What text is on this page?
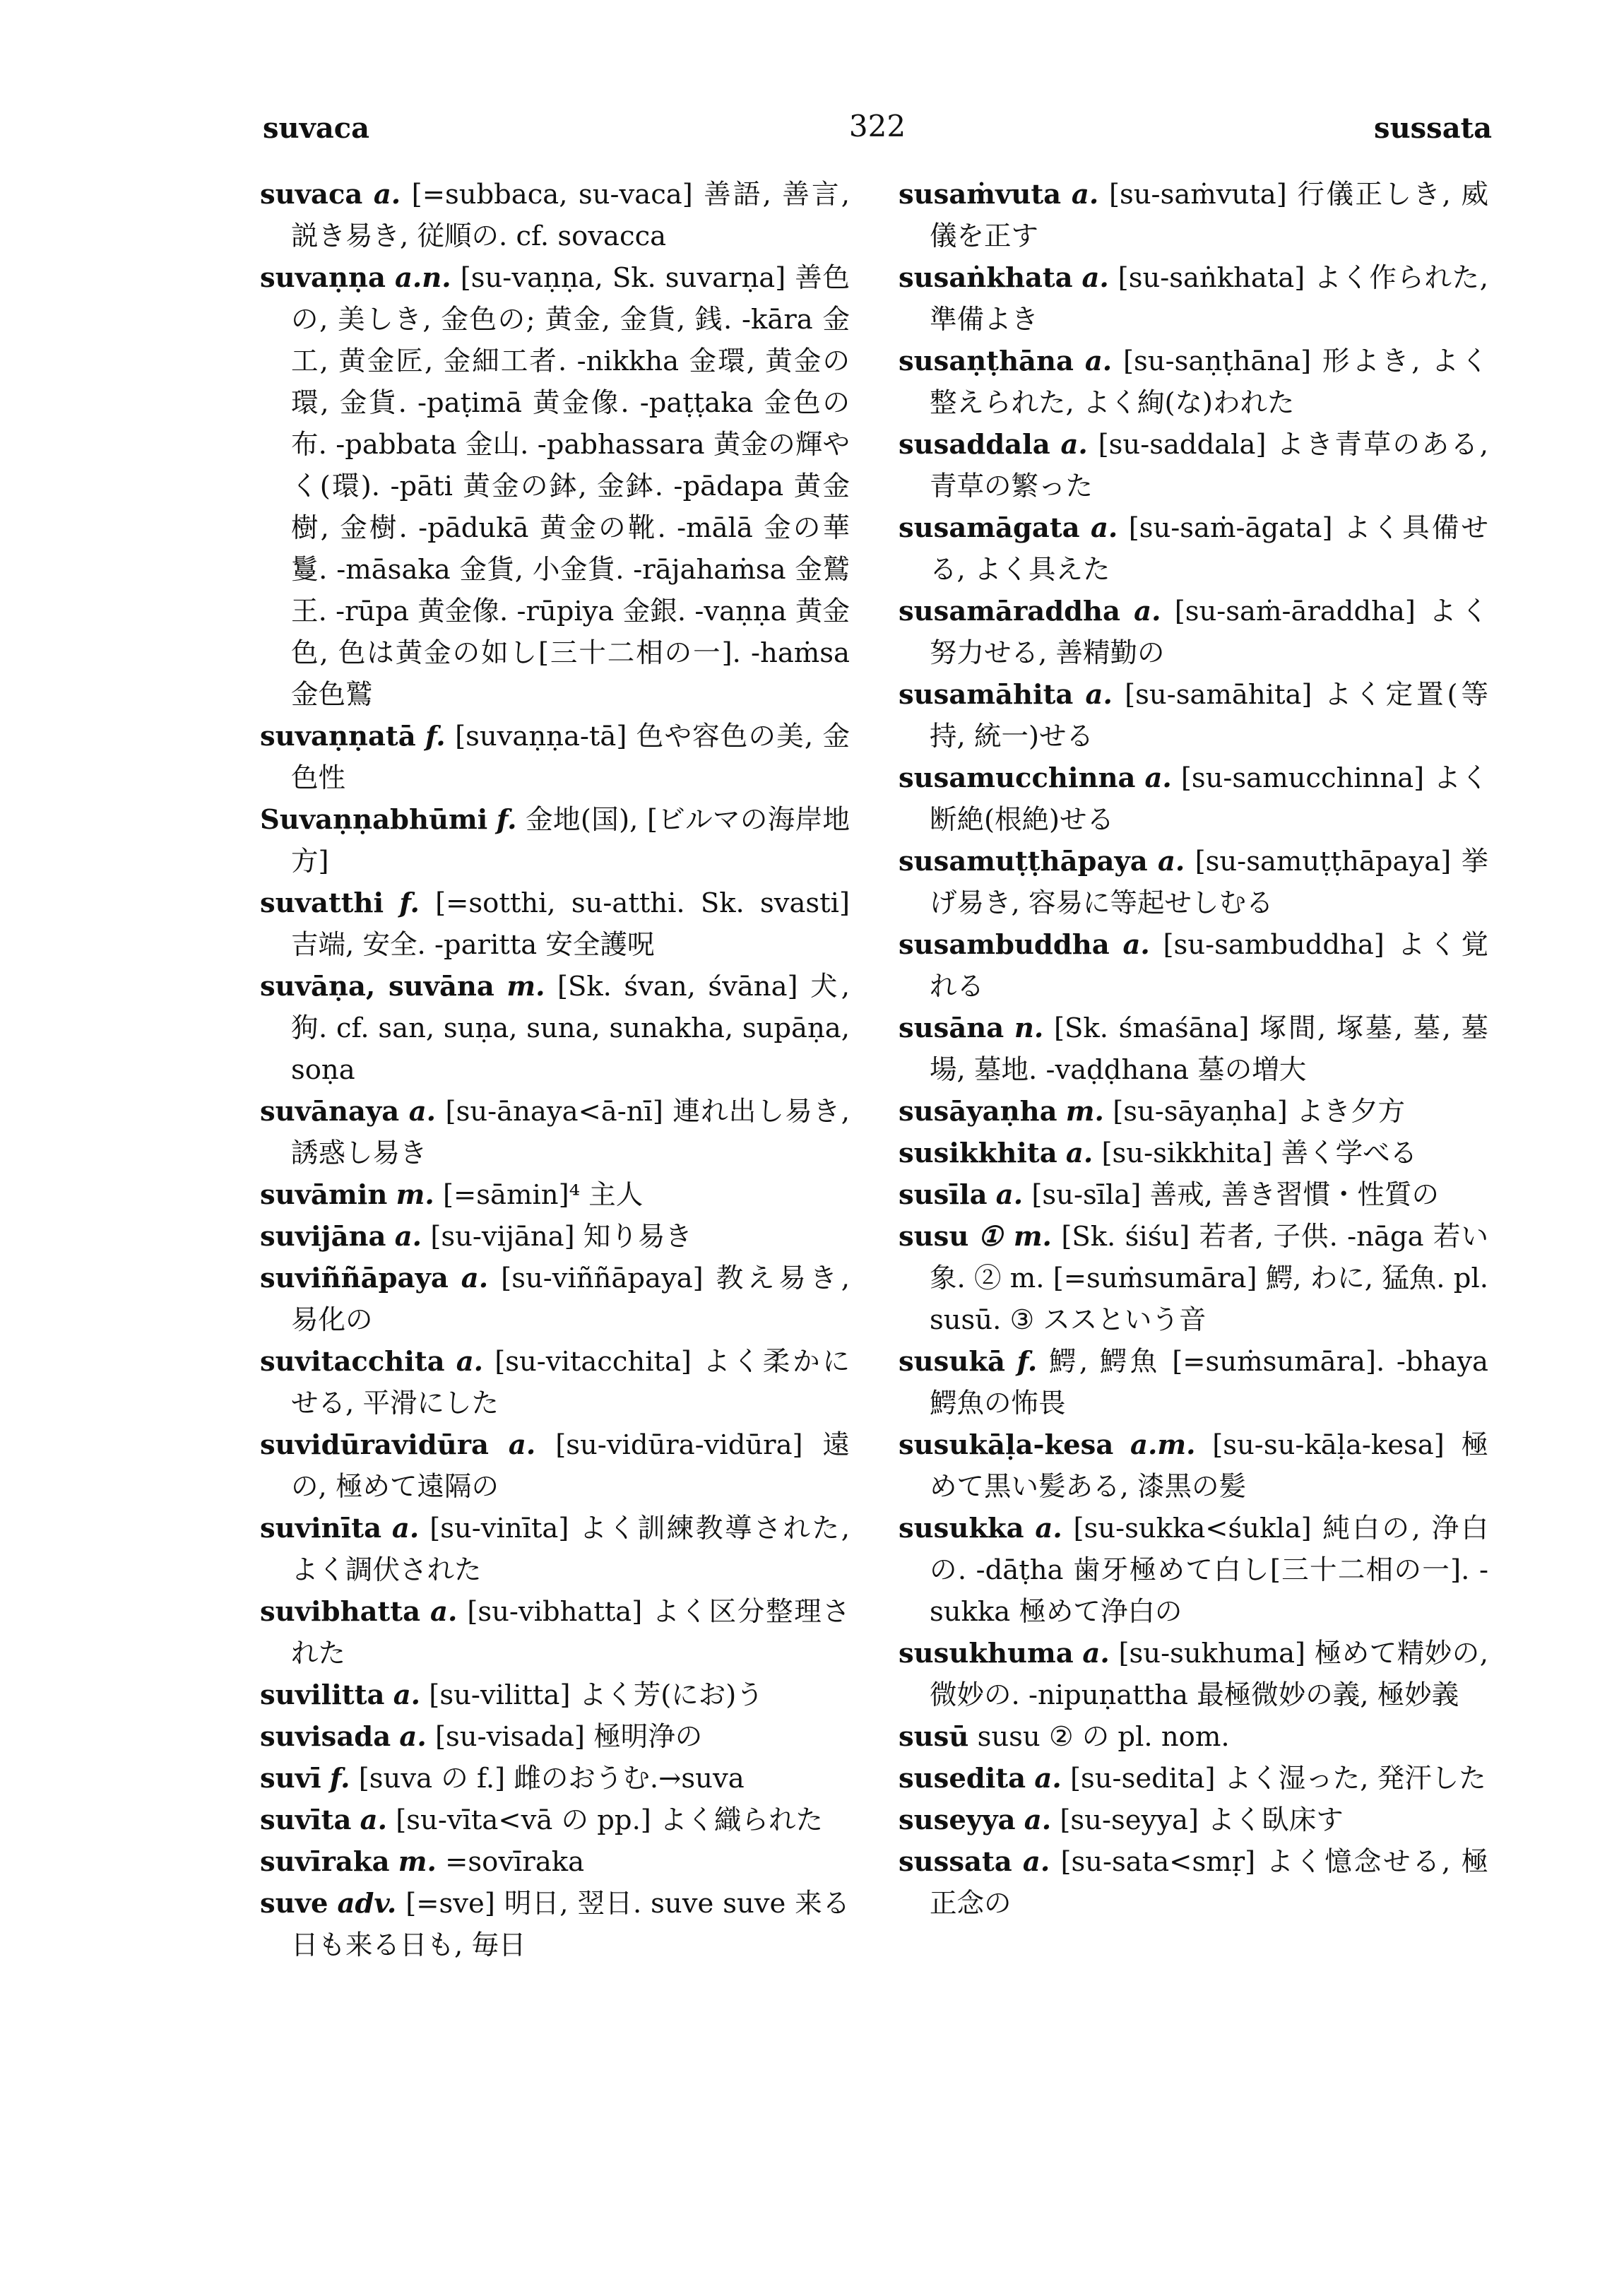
suvaca	322	sussata
suvaca a. [=subbaca, su-vaca] 善語, 善言, 説き易き, 従順の. cf. sovacca
suvaṇṇa a.n. [su-vaṇṇa, Sk. suvarṇa] 善色の, 美しき, 金色の; 黄金, 金貨, 銭. -kāra 金工, 黄金匠, 金細工者. -nikkha 金環, 黄金の環, 金貨. -paṭimā 黄金像. -paṭṭaka 金色の布. -pabbata 金山. -pabhassara 黄金の輝やく(環). -pāti 黄金の鉢, 金鉢. -pādapa 黄金樹, 金樹. -pādukā 黄金の靴. -mālā 金の華鬘. -māsaka 金貨, 小金貨. -rājahaṁsa 金鷲王. -rūpa 黄金像. -rūpiya 金銀. -vaṇṇa 黄金色, 色は黄金の如し[三十二相の一]. -haṁsa 金色鷲
suvaṇṇatā f. [suvaṇṇa-tā] 色や容色の美, 金色性
Suvaṇṇabhūmi f. 金地(国), [ビルマの海岸地方]
suvatthi f. [=sotthi, su-atthi. Sk. svasti] 吉端, 安全. -paritta 安全護呪
suvāṇa, suvāna m. [Sk. śvan, śvāna] 犬, 狗. cf. san, suṇa, suna, sunakha, supāṇa, soṇa
suvānaya a. [su-ānaya<ā-nī] 連れ出し易き, 誘惑し易き
suvāmin m. [=sāmin]⁴ 主人
suvijāna a. [su-vijāna] 知り易き
suviññāpaya a. [su-viññāpaya] 教え易き, 易化の
suvitacchita a. [su-vitacchita] よく柔かにせる, 平滑にした
suvidūravidūra a. [su-vidūra-vidūra] 遠の, 極めて遠隔の
suvinīta a. [su-vinīta] よく訓練教導された, よく調伏された
suvibhatta a. [su-vibhatta] よく区分整理された
suvilitta a. [su-vilitta] よく芳(にお)う
suvisada a. [su-visada] 極明浄の
suvī f. [suva の f.] 雌のおうむ.→suva
suvīta a. [su-vīta<vā の pp.] よく織られた
suvīraka m. =sovīraka
suve adv. [=sve] 明日, 翌日. suve suve 来る日も来る日も, 毎日
susaṁvuta a. [su-saṁvuta] 行儀正しき, 威儀を正す
susaṅkhata a. [su-saṅkhata] よく作られた, 準備よき
susaṇṭhāna a. [su-saṇṭhāna] 形よき, よく整えられた, よく絢(な)われた
susaddala a. [su-saddala] よき青草のある, 青草の繁った
susamāgata a. [su-saṁ-āgata] よく具備せる, よく具えた
susamāraddha a. [su-saṁ-āraddha] よく努力せる, 善精勤の
susamāhita a. [su-samāhita] よく定置(等持, 統一)せる
susamucchinna a. [su-samucchinna] よく断絶(根絶)せる
susamuṭṭhāpaya a. [su-samuṭṭhāpaya] 挙げ易き, 容易に等起せしむる
susambuddha a. [su-sambuddha] よく覚れる
susāna n. [Sk. śmaśāna] 塚間, 塚墓, 墓, 墓場, 墓地. -vaḍḍhana 墓の増大
susāyaṇha m. [su-sāyaṇha] よき夕方
susikkhita a. [su-sikkhita] 善く学べる
susīla a. [su-sīla] 善戒, 善き習慣・性質の
susu ① m. [Sk. śiśu] 若者, 子供. -nāga 若い象. ② m. [=suṁsumāra] 鰐, わに, 猛魚. pl. susū. ③ ススという音
susukā f. 鰐, 鰐魚 [=suṁsumāra]. -bhaya 鰐魚の怖畏
susukāḷa-kesa a.m. [su-su-kāḷa-kesa] 極めて黒い髪ある, 漆黒の髪
susukka a. [su-sukka<śukla] 純白の, 浄白の. -dāṭha 歯牙極めて白し[三十二相の一]. -sukka 極めて浄白の
susukhuma a. [su-sukhuma] 極めて精妙の, 微妙の. -nipuṇattha 最極微妙の義, 極妙義
susū susu ② の pl. nom.
susedita a. [su-sedita] よく湿った, 発汗した
suseyya a. [su-seyya] よく臥床す
sussata a. [su-sata<smṛ] よく憶念せる, 極正念の
